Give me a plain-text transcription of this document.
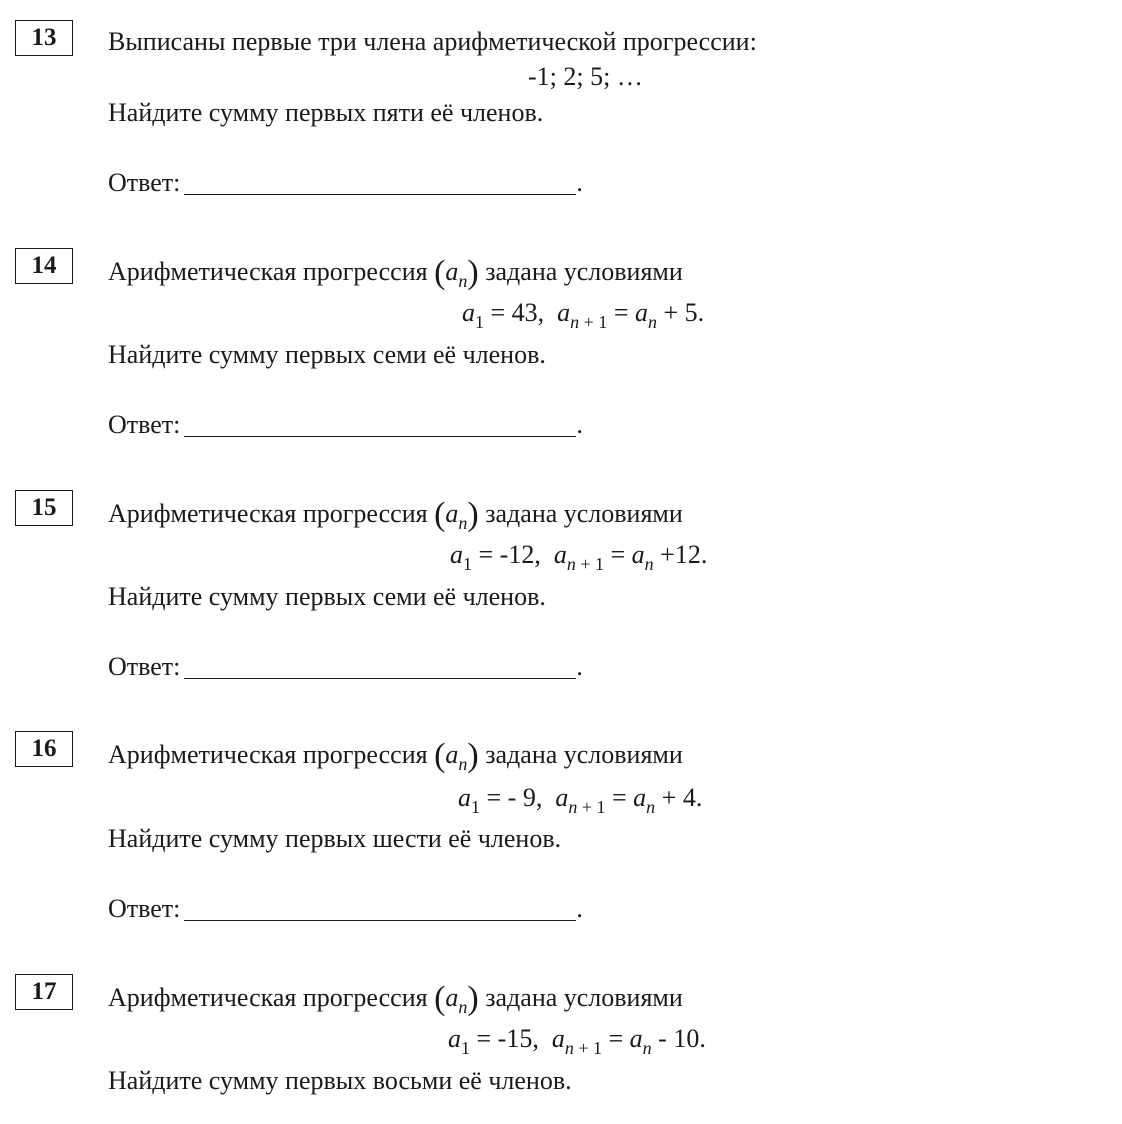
13	Выписаны первые три члена арифметической прогрессии:
-1; 2; 5; …
Найдите сумму первых пяти её членов.
Ответ:	.
14	Арифметическая прогрессия $(a_n)$ задана условиями
$a_1 = 43$,  $a_n$ $_{+ 1} = a_n + 5$.
Найдите сумму первых семи её членов.
Ответ:	.
15	Арифметическая прогрессия $(a_n)$ задана условиями
$a_1 = -12$,  $a_n$ $_{+ 1} = a_n +12$.
Найдите сумму первых семи её членов.
Ответ:	.
16	Арифметическая прогрессия $(a_n)$ задана условиями
$a_1$ = - 9,  $a_n$ $_{+ 1} = a_n + 4$.
Найдите сумму первых шести её членов.
Ответ:	.
17	Арифметическая прогрессия $(a_n)$ задана условиями
$a_1 = -15$,  $a_n$ $_{+ 1} = a_n - 10$.
Найдите сумму первых восьми её членов.
